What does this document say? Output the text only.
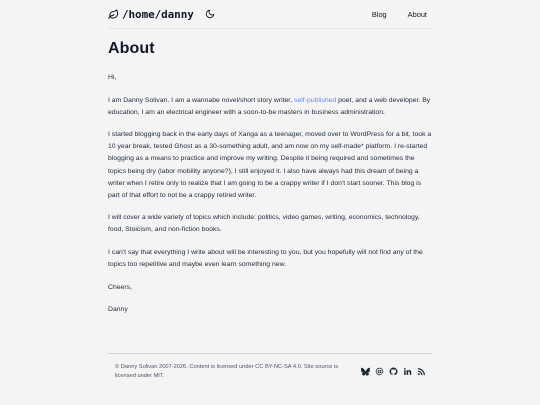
/home/danny	Blog	About
About

Hi,

I am Danny Solivan. I am a wannabe novel/short story writer, self-published poet, and a web developer. By education, I am an electrical engineer with a soon-to-be masters in business administration.

I started blogging back in the early days of Xanga as a teenager, moved over to WordPress for a bit, took a 10 year break, tested Ghost as a 30-something adult, and am now on my self-made* platform. I re-started blogging as a means to practice and improve my writing. Despite it being required and sometimes the topics being dry (labor mobility anyone?), I still enjoyed it. I also have always had this dream of being a writer when I retire only to realize that I am going to be a crappy writer if I don't start sooner. This blog is part of that effort to not be a crappy retired writer.

I will cover a wide variety of topics which include: politics, video games, writing, economics, technology, food, Stoicism, and non-fiction books.

I can't say that everything I write about will be interesting to you, but you hopefully will not find any of the topics too repetitive and maybe even learn something new.

Cheers,

Danny

© Danny Solivan 2007-2026. Content is licensed under CC BY-NC-SA 4.0. Site source is licensed under MIT.
